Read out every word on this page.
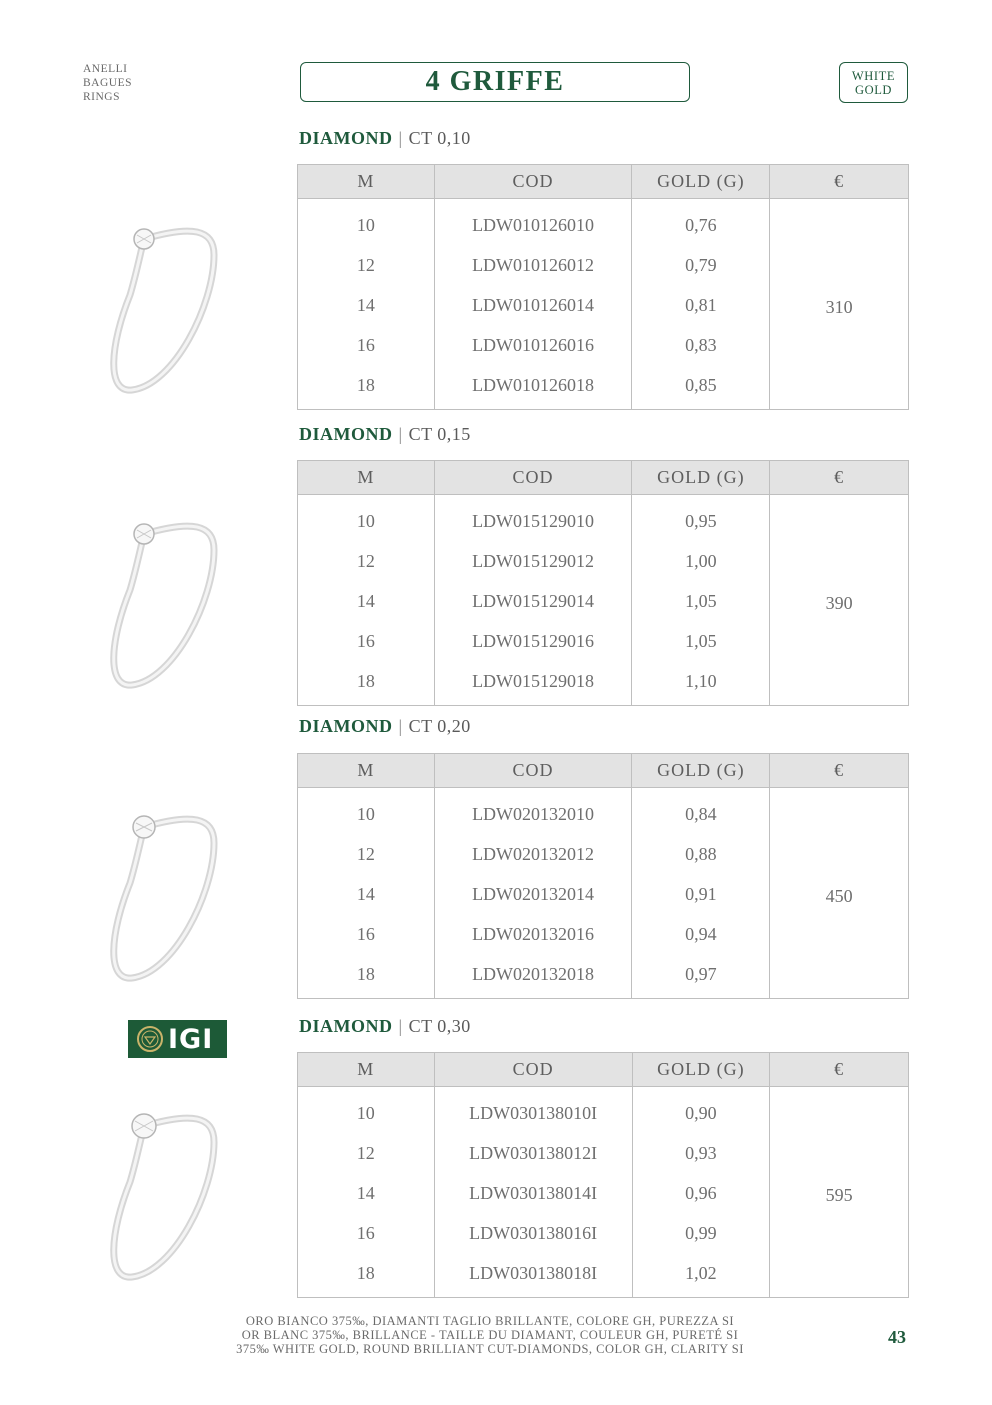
ANELLI
BAGUES
RINGS	4 GRIFFE	WHITE
GOLD
IGI
DIAMOND | CT 0,10
M	COD	GOLD (G)	€
10	LDW010126010	0,76	310
12	LDW010126012	0,79	
14	LDW010126014	0,81	
16	LDW010126016	0,83	
18	LDW010126018	0,85	
DIAMOND | CT 0,15
M	COD	GOLD (G)	€
10	LDW015129010	0,95	390
12	LDW015129012	1,00	
14	LDW015129014	1,05	
16	LDW015129016	1,05	
18	LDW015129018	1,10	
DIAMOND | CT 0,20
M	COD	GOLD (G)	€
10	LDW020132010	0,84	450
12	LDW020132012	0,88	
14	LDW020132014	0,91	
16	LDW020132016	0,94	
18	LDW020132018	0,97	
DIAMOND | CT 0,30
M	COD	GOLD (G)	€
10	LDW030138010I	0,90	595
12	LDW030138012I	0,93	
14	LDW030138014I	0,96	
16	LDW030138016I	0,99	
18	LDW030138018I	1,02	
ORO BIANCO 375‰, DIAMANTI TAGLIO BRILLANTE, COLORE GH, PUREZZA SI
OR BLANC 375‰, BRILLANCE - TAILLE DU DIAMANT, COULEUR GH, PURETÉ SI
375‰ WHITE GOLD, ROUND BRILLIANT CUT-DIAMONDS, COLOR GH, CLARITY SI
43
